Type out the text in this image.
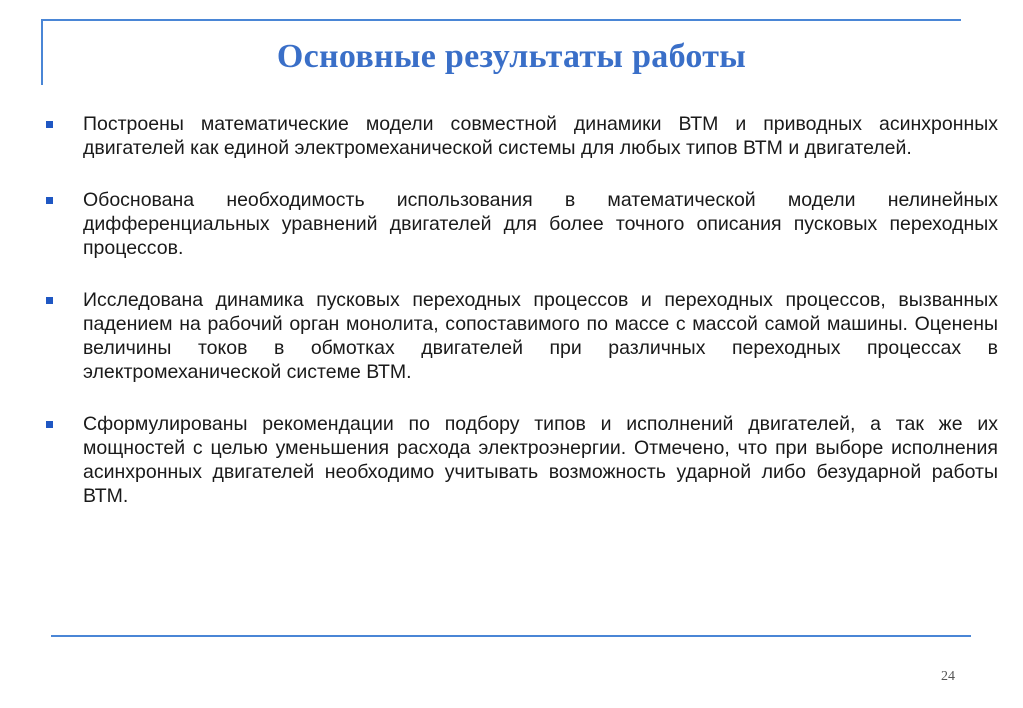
Основные результаты работы
Построены математические модели совместной динамики ВТМ и приводных асинхронных двигателей как единой электромеханической системы для любых типов ВТМ и двигателей.
Обоснована необходимость использования в математической модели нелинейных дифференциальных уравнений двигателей для более точного описания пусковых переходных процессов.
Исследована динамика пусковых переходных процессов и переходных процессов, вызванных падением на рабочий орган монолита, сопоставимого по массе с массой самой машины. Оценены величины токов в обмотках двигателей при различных переходных процессах в электромеханической системе ВТМ.
Сформулированы рекомендации по подбору типов и исполнений двигателей, а так же их мощностей с целью уменьшения расхода электроэнергии. Отмечено, что при выборе исполнения асинхронных двигателей необходимо учитывать возможность ударной либо безударной работы ВТМ.
24
